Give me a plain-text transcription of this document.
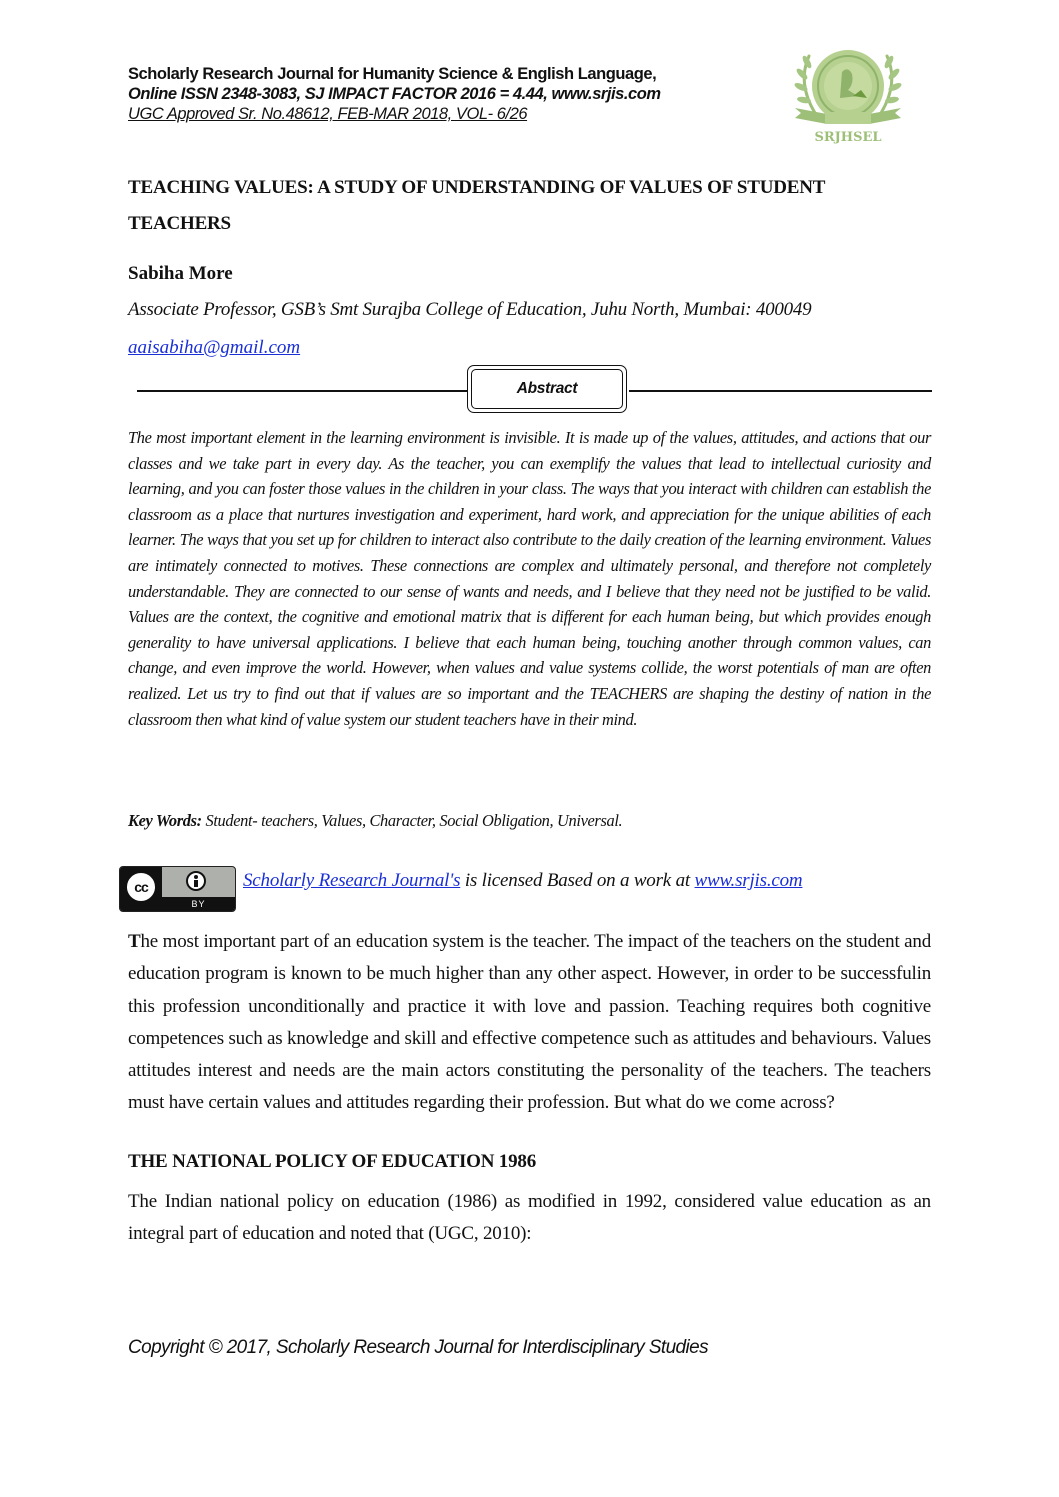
Scholarly Research Journal for Humanity Science & English Language,
Online ISSN 2348-3083, SJ IMPACT FACTOR 2016 = 4.44, www.srjis.com
UGC Approved Sr. No.48612, FEB-MAR 2018, VOL- 6/26
SRJHSEL
TEACHING VALUES: A STUDY OF UNDERSTANDING OF VALUES OF STUDENT TEACHERS
Sabiha More
Associate Professor, GSB’s Smt Surajba College of Education, Juhu North, Mumbai: 400049
aaisabiha@gmail.com
Abstract

The most important element in the learning environment is invisible. It is made up of the values, attitudes, and actions that our classes and we take part in every day. As the teacher, you can exemplify the values that lead to intellectual curiosity and learning, and you can foster those values in the children in your class. The ways that you interact with children can establish the classroom as a place that nurtures investigation and experiment, hard work, and appreciation for the unique abilities of each learner. The ways that you set up for children to interact also contribute to the daily creation of the learning environment. Values are intimately connected to motives. These connections are complex and ultimately personal, and therefore not completely understandable. They are connected to our sense of wants and needs, and I believe that they need not be justified to be valid. Values are the context, the cognitive and emotional matrix that is different for each human being, but which provides enough generality to have universal applications. I believe that each human being, touching another through common values, can change, and even improve the world. However, when values and value systems collide, the worst potentials of man are often realized. Let us try to find out that if values are so important and the TEACHERS are shaping the destiny of nation in the classroom then what kind of value system our student teachers have in their mind.

Key Words: Student- teachers, Values, Character, Social Obligation, Universal.
cc
BY
Scholarly Research Journal's is licensed Based on a work at www.srjis.com
The most important part of an education system is the teacher. The impact of the teachers on the student and education program is known to be much higher than any other aspect. However, in order to be successfulin this profession unconditionally and practice it with love and passion. Teaching requires both cognitive competences such as knowledge and skill and effective competence such as attitudes and behaviours. Values attitudes interest and needs are the main actors constituting the personality of the teachers. The teachers must have certain values and attitudes regarding their profession. But what do we come across?
THE NATIONAL POLICY OF EDUCATION 1986
The Indian national policy on education (1986) as modified in 1992, considered value education as an integral part of education and noted that (UGC, 2010):
Copyright © 2017, Scholarly Research Journal for Interdisciplinary Studies
